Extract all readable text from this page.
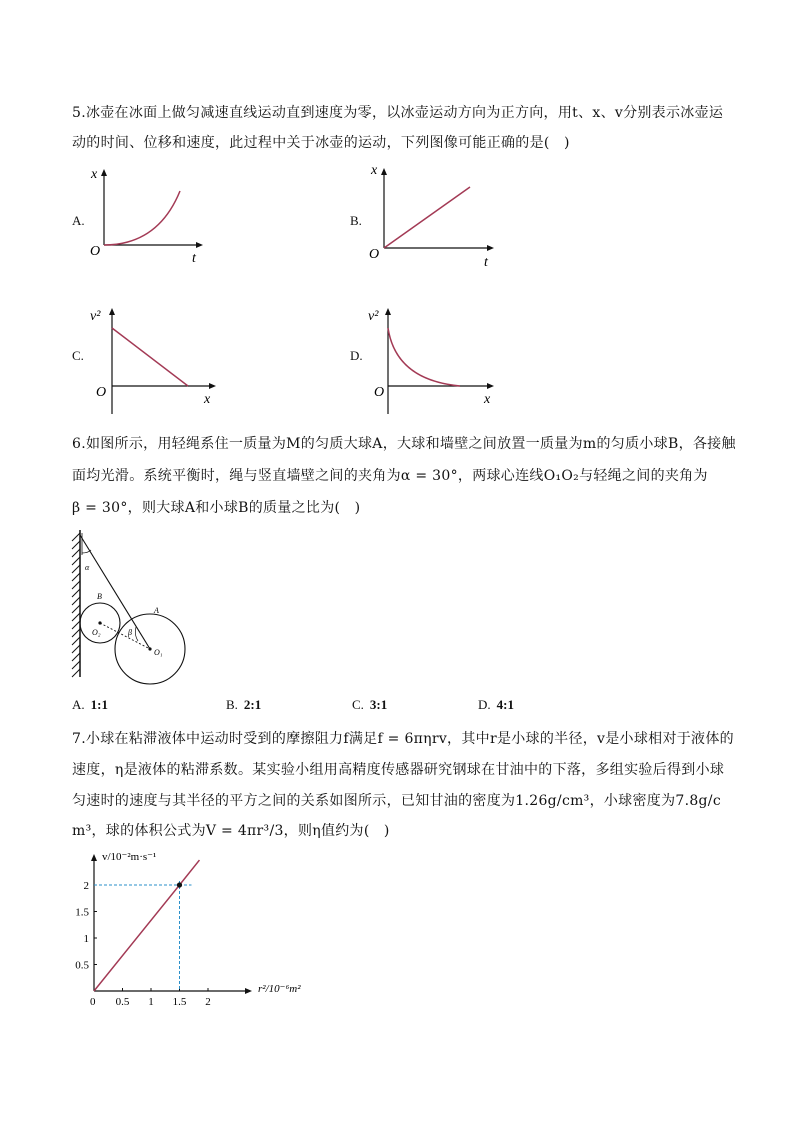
5.冰壶在冰面上做匀减速直线运动直到速度为零，以冰壶运动方向为正方向，用t、x、v分别表示冰壶运
动的时间、位移和速度，此过程中关于冰壶的运动，下列图像可能正确的是(　)
A.
x
t
O
B.
x
t
O
C.
v²
x
O
D.
v²
x
O
6.如图所示，用轻绳系住一质量为M的匀质大球A，大球和墙壁之间放置一质量为m的匀质小球B，各接触
面均光滑。系统平衡时，绳与竖直墙壁之间的夹角为α = 30°，两球心连线O₁O₂与轻绳之间的夹角为
β = 30°，则大球A和小球B的质量之比为(　)
α
B
O₂
A
O₁
β
A. 1:1	B. 2:1	C. 3:1	D. 4:1
7.小球在粘滞液体中运动时受到的摩擦阻力f满足f = 6πηrv，其中r是小球的半径，v是小球相对于液体的
速度，η是液体的粘滞系数。某实验小组用高精度传感器研究钢球在甘油中的下落，多组实验后得到小球
匀速时的速度与其半径的平方之间的关系如图所示，已知甘油的密度为1.26g/cm³，小球密度为7.8g/c
m³，球的体积公式为V = 4πr³/3，则η值约为(　)
0.5 1 1.5 2
0.5
1
1.5
2
v/10⁻²m·s⁻¹
r²/10⁻⁶m²
0
